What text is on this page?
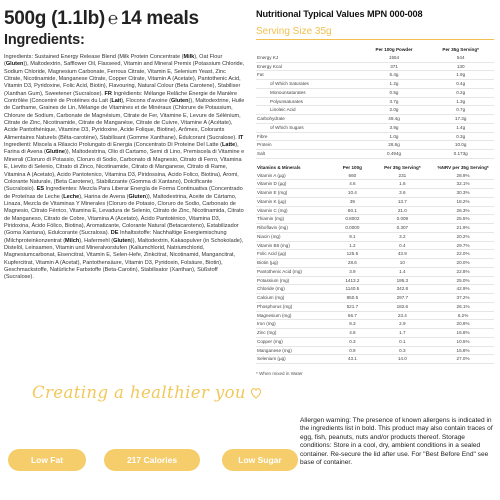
500g (1.1lb) ℮ 14 meals
Ingredients:
Ingredients: Sustained Energy Release Blend (Milk Protein Concentrate (Milk), Oat Flour (Gluten)), Maltodextrin, Safflower Oil, Flaxseed, Vitamin and Mineral Premix (Potassium Chloride, Sodium Chloride, Magnesium Carbonate, Ferrous Citrate, Vitamin E, Selenium Yeast, Zinc Citrate, Nicotinamide, Manganese Citrate, Copper Citrate, Vitamin A (Acetate), Pantothenic Acid, Vitamin D3, Pyridoxine, Folic Acid, Biotin), Flavouring, Natural Colour (Beta Carotene), Stabiliser (Xanthan Gum), Sweetener (Sucralose). FR Ingrédients: Mélange Relâche Énergie de Manière Contrôlée (Concentré de Protéines du Lait (Lait), Flocons d'avoine (Gluten)), Maltodextrine, Huile de Carthame, Graines de Lin, Mélange de Vitamines et de Minéraux (Chlorure de Potassium, Chlorure de Sodium, Carbonate de Magnésium, Citrate de Fer, Vitamine E, Levure de Sélénium, Citrate de Zinc, Nicotinamide, Citrate de Manganèse, Citrate de Cuivre, Vitamine A (Acétate), Acide Pantothénique, Vitamine D3, Pyridoxine, Acide Folique, Biotine), Arômes, Colorants Alimentaires Naturels (Bêta-carotène), Stabilisant (Gomme Xanthane), Édulcorant (Sucralose). IT Ingredienti: Miscela a Rilascio Prolungato di Energia (Concentrato Di Proteine Del Latte (Latte), Farina di Avena (Glutine)), Maltodestrina, Olio di Cartamo, Semi di Lino, Premiscela di Vitamine e Minerali (Cloruro di Potassio, Cloruro di Sodio, Carbonato di Magnesio, Citrato di Ferro, Vitamina E, Lievito di Selenio, Citrato di Zinco, Nicotinamide, Citrato di Manganese, Citrato di Rame, Vitamina A (Acetato), Acido Pantotenico, Vitamina D3, Piridossina, Acido Folico, Biotina), Aromi, Colorante Naturale, (Beta Carotene), Stabilizzante (Gomma di Xantano), Dolcificante (Sucralosio). ES Ingredientes: Mezcla Para Liberar Energía de Forma Continuativa (Concentrado de Proteínas de Leche (Leche), Harina de Avena (Gluten)), Maltodextrina, Aceite de Cártamo, Linaza, Mezcla de Vitaminas Y Minerales (Cloruro de Potasio, Cloruro de Sodio, Carbonato de Magnesio, Citrato Férrico, Vitamina E, Levadura de Selenio, Citrato de Zinc, Nicotinamida, Citrato de Manganeso, Citrato de Cobre, Vitamina A (Acetato), Ácido Pantoténico, Vitamina D3, Piridoxina, Ácido Fólico, Biotina), Aromatizante, Colorante Natural (Betacaroteno), Estabilizador (Goma Xantana), Edulcorante (Sucralosa). DE Inhaltsstoffe: Nachhaltige Energiemischung (Milchproteinkonzentrat (Milch), Hafermehl (Gluten)), Maltodextrin, Kakaopulver (in Schokolade), Distelöl, Leinsamen, Vitamin und Mineralvorstufen (Kaliumchlorid, Natriumchlorid, Magnesiumcarbonat, Eisencitrat, Vitamin E, Selen-Hefe, Zinkcitrat, Nicotinamid, Mangancitrat, Kupfercitrat, Vitamin A (Acetat), Pantothensäure, Vitamin D3, Pyridoxin, Folsäure, Biotin), Geschmackstoffe, Natürliche Farbstoffe (Beta-Carotin), Stabilisator (Xanthan), Süßstoff (Sucralose).
Creating a healthier you
Low Fat	217 Calories	Low Sugar
Nutritional Typical Values MPN 000-008
Serving Size 35g
	Per 100g Powder	Per 35g Serving*
Energy KJ	1554	544
Energy Kcal	371	130
Fat	5.4g	1.9g
of Which Saturates	1.2g	0.4g
Monounsaturates	0.5g	0.2g
Polyunsaturates	3.7g	1.3g
Linoleic Acid	2.0g	0.7g
Carbohydrate	49.4g	17.3g
of Which Sugars	3.9g	1.4g
Fibre	1.0g	0.3g
Protein	28.6g	10.0g
Salt	0.494g	0.173g
Vitamins & Minerals	Per 100g	Per 35g Serving*	%NRV per 35g Serving*
Vitamin A (µg)	660	231	28.9%
Vitamin D (µg)	4.6	1.6	32.1%
Vitamin E (mg)	10.4	3.6	30.3%
Vitamin K (µg)	39	13.7	18.2%
Vitamin C (mg)	60.1	21.0	26.3%
Thiamin (mg)	0.8002	0.009	25.5%
Riboflavin (mg)	0.0000	0.307	21.9%
Niacin (mg)	9.1	3.2	20.2%
Vitamin B6 (mg)	1.2	0.4	29.7%
Folic Acid (µg)	125.5	43.9	22.0%
Biotin (µg)	28.6	10	20.0%
Pantothenic Acid (mg)	3.9	1.4	22.8%
Potassium (mg)	1413.2	195.3	25.0%
Chloride (mg)	1140.5	342.8	42.9%
Calcium (mg)	850.5	297.7	37.2%
Phosphorus (mg)	521.7	182.6	26.1%
Magnesium (mg)	66.7	23.4	6.2%
Iron (mg)	8.3	2.9	20.8%
Zinc (mg)	4.8	1.7	16.8%
Copper (mg)	0.3	0.1	10.5%
Manganese (mg)	0.9	0.3	15.8%
Selenium (µg)	43.1	14.0	27.0%
* When mixed in Water
Allergen warning: The presence of known allergens is indicated in the ingredients list in bold. This product may also contain traces of egg, fish, peanuts, nuts and/or products thereof. Storage conditions: Store in a cool, dry, ambient conditions in a sealed container. Re-secure the lid after use. For "Best Before End" see base of container.
